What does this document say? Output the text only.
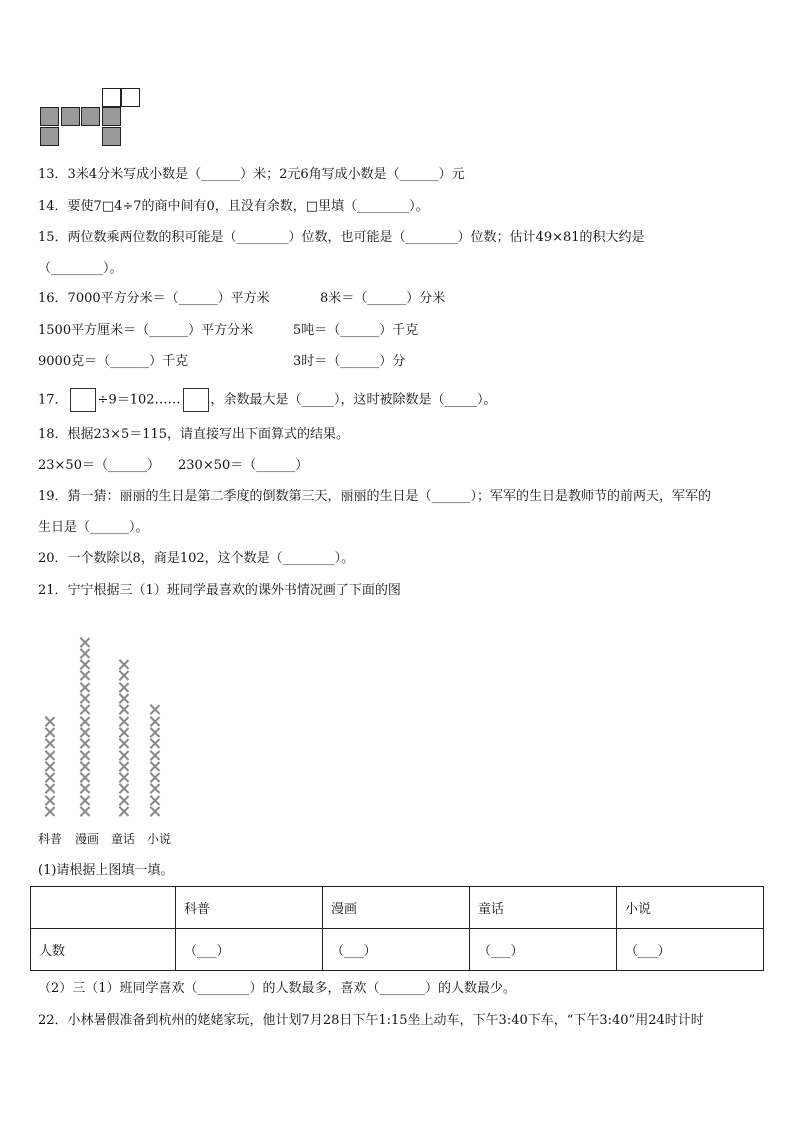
13．3米4分米写成小数是（______）米；2元6角写成小数是（______）元
14．要使7□4÷7的商中间有0，且没有余数，□里填（________）。
15．两位数乘两位数的积可能是（________）位数，也可能是（________）位数；估计49×81的积大约是
（________）。
16．7000平方分米＝（______）平方米	8米＝（______）分米
1500平方厘米＝（______）平方分米	5吨＝（______）千克
9000克＝（______）千克	3时＝（______）分
17． ÷9＝102…… ，余数最大是（_____），这时被除数是（_____）。
18．根据23×5＝115，请直接写出下面算式的结果。
23×50＝（______） 230×50＝（______）
19．猜一猜：丽丽的生日是第二季度的倒数第三天，丽丽的生日是（______）；军军的生日是教师节的前两天，军军的
生日是（______）。
20．一个数除以8，商是102，这个数是（________）。
21．宁宁根据三（1）班同学最喜欢的课外书情况画了下面的图
科普 漫画 童话 小说
(1)请根据上图填一填。
	科普	漫画	童话	小说
人数	（___）	（___）	（___）	（___）
（2）三（1）班同学喜欢（________）的人数最多，喜欢（_______）的人数最少。
22．小林暑假准备到杭州的姥姥家玩，他计划7月28日下午1:15坐上动车，下午3:40下车，“下午3:40”用24时计时
